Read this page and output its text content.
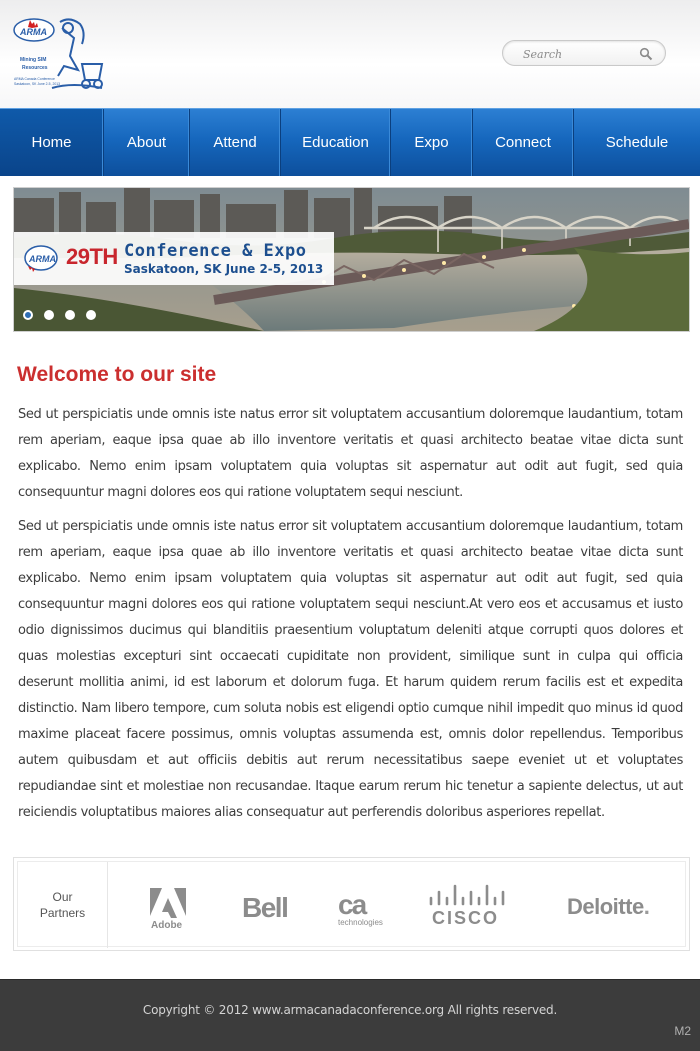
ARMA
Mining SIM
Resources
ARMA Canada Conference
Saskatoon, SK June 2-5, 2013
Search
Home	About	Attend	Education	Expo	Connect	Schedule
ARMA 29TH Conference & Expo
Saskatoon, SK June 2-5, 2013
Welcome to our site

Sed ut perspiciatis unde omnis iste natus error sit voluptatem accusantium doloremque laudantium, totam rem aperiam, eaque ipsa quae ab illo inventore veritatis et quasi architecto beatae vitae dicta sunt explicabo. Nemo enim ipsam voluptatem quia voluptas sit aspernatur aut odit aut fugit, sed quia consequuntur magni dolores eos qui ratione voluptatem sequi nesciunt.

Sed ut perspiciatis unde omnis iste natus error sit voluptatem accusantium doloremque laudantium, totam rem aperiam, eaque ipsa quae ab illo inventore veritatis et quasi architecto beatae vitae dicta sunt explicabo. Nemo enim ipsam voluptatem quia voluptas sit aspernatur aut odit aut fugit, sed quia consequuntur magni dolores eos qui ratione voluptatem sequi nesciunt.At vero eos et accusamus et iusto odio dignissimos ducimus qui blanditiis praesentium voluptatum deleniti atque corrupti quos dolores et quas molestias excepturi sint occaecati cupiditate non provident, similique sunt in culpa qui officia deserunt mollitia animi, id est laborum et dolorum fuga. Et harum quidem rerum facilis est et expedita distinctio. Nam libero tempore, cum soluta nobis est eligendi optio cumque nihil impedit quo minus id quod maxime placeat facere possimus, omnis voluptas assumenda est, omnis dolor repellendus. Temporibus autem quibusdam et aut officiis debitis aut rerum necessitatibus saepe eveniet ut et voluptates repudiandae sint et molestiae non recusandae. Itaque earum rerum hic tenetur a sapiente delectus, ut aut reiciendis voluptatibus maiores alias consequatur aut perferendis doloribus asperiores repellat.

Our
Partners
Adobe
Bell ca
technologies	CISCO	Deloitte.
Copyright © 2012 www.armacanadaconference.org All rights reserved.
M2
